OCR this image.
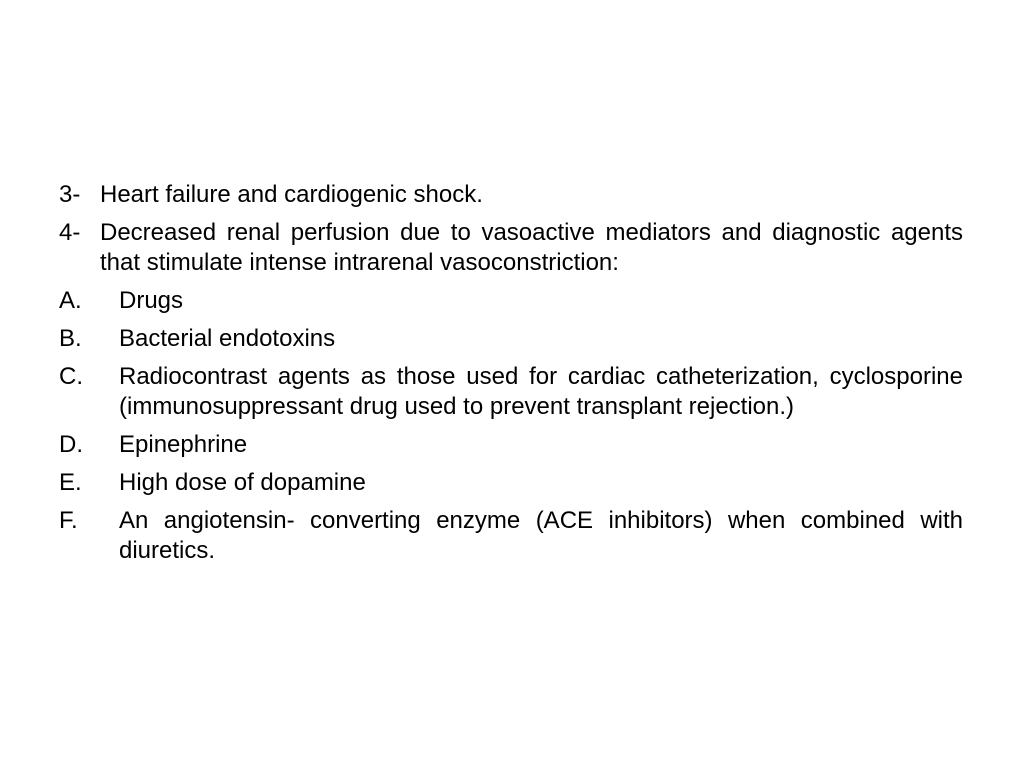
3- Heart failure and cardiogenic shock.
4- Decreased renal perfusion due to vasoactive mediators and diagnostic agents that stimulate intense intrarenal vasoconstriction:
A.	Drugs
B.	Bacterial endotoxins
C.	Radiocontrast agents as those used for cardiac catheterization, cyclosporine (immunosuppressant drug used to prevent transplant rejection.)
D.	Epinephrine
E.	High dose of dopamine
F.	An angiotensin- converting enzyme (ACE inhibitors) when combined with diuretics.
